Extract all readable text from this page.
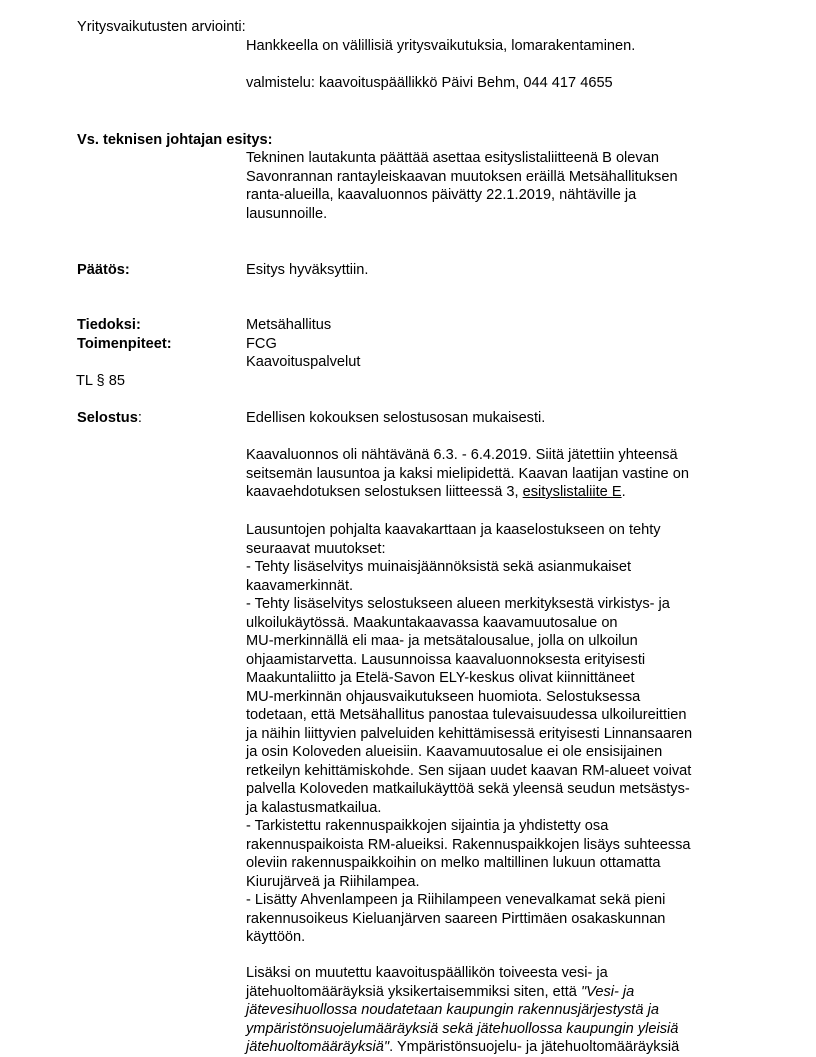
Yritysvaikutusten arviointi:
Hankkeella on välillisiä yritysvaikutuksia, lomarakentaminen.
valmistelu: kaavoituspäällikkö Päivi Behm, 044 417 4655
Vs. teknisen johtajan esitys:
Tekninen lautakunta päättää asettaa esityslistaliitteenä B olevan
Savonrannan rantayleiskaavan muutoksen eräillä Metsähallituksen
ranta-alueilla, kaavaluonnos päivätty 22.1.2019, nähtäville ja
lausunnoille.
Päätös:	Esitys hyväksyttiin.
Tiedoksi:
Toimenpiteet:
Metsähallitus
FCG
Kaavoituspalvelut
TL § 85
Selostus:	Edellisen kokouksen selostusosan mukaisesti.
Kaavaluonnos oli nähtävänä 6.3. - 6.4.2019. Siitä jätettiin yhteensä
seitsemän lausuntoa ja kaksi mielipidettä. Kaavan laatijan vastine on
kaavaehdotuksen selostuksen liitteessä 3, esityslistaliite E.
Lausuntojen pohjalta kaavakarttaan ja kaaselostukseen on tehty
seuraavat muutokset:
- Tehty lisäselvitys muinaisjäännöksistä sekä asianmukaiset
kaavamerkinnät.
- Tehty lisäselvitys selostukseen alueen merkityksestä virkistys- ja
ulkoilukäytössä. Maakuntakaavassa kaavamuutosalue on
MU-merkinnällä eli maa- ja metsätalousalue, jolla on ulkoilun
ohjaamistarvetta. Lausunnoissa kaavaluonnoksesta erityisesti
Maakuntaliitto ja Etelä-Savon ELY-keskus olivat kiinnittäneet
MU-merkinnän ohjausvaikutukseen huomiota. Selostuksessa
todetaan, että Metsähallitus panostaa tulevaisuudessa ulkoilureittien
ja näihin liittyvien palveluiden kehittämisessä erityisesti Linnansaaren
ja osin Koloveden alueisiin. Kaavamuutosalue ei ole ensisijainen
retkeilyn kehittämiskohde. Sen sijaan uudet kaavan RM-alueet voivat
palvella Koloveden matkailukäyttöä sekä yleensä seudun metsästys-
ja kalastusmatkailua.
- Tarkistettu rakennuspaikkojen sijaintia ja yhdistetty osa
rakennuspaikoista RM-alueiksi. Rakennuspaikkojen lisäys suhteessa
oleviin rakennuspaikkoihin on melko maltillinen lukuun ottamatta
Kiurujärveä ja Riihilampea.
- Lisätty Ahvenlampeen ja Riihilampeen venevalkamat sekä pieni
rakennusoikeus Kieluanjärven saareen Pirttimäen osakaskunnan
käyttöön.
Lisäksi on muutettu kaavoituspäällikön toiveesta vesi- ja
jätehuoltomääräyksiä yksikertaisemmiksi siten, että "Vesi- ja
jätevesihuollossa noudatetaan kaupungin rakennusjärjestystä ja
ympäristönsuojelumääräyksiä sekä jätehuollossa kaupungin yleisiä
jätehuoltomääräyksiä". Ympäristönsuojelu- ja jätehuoltomääräyksiä
